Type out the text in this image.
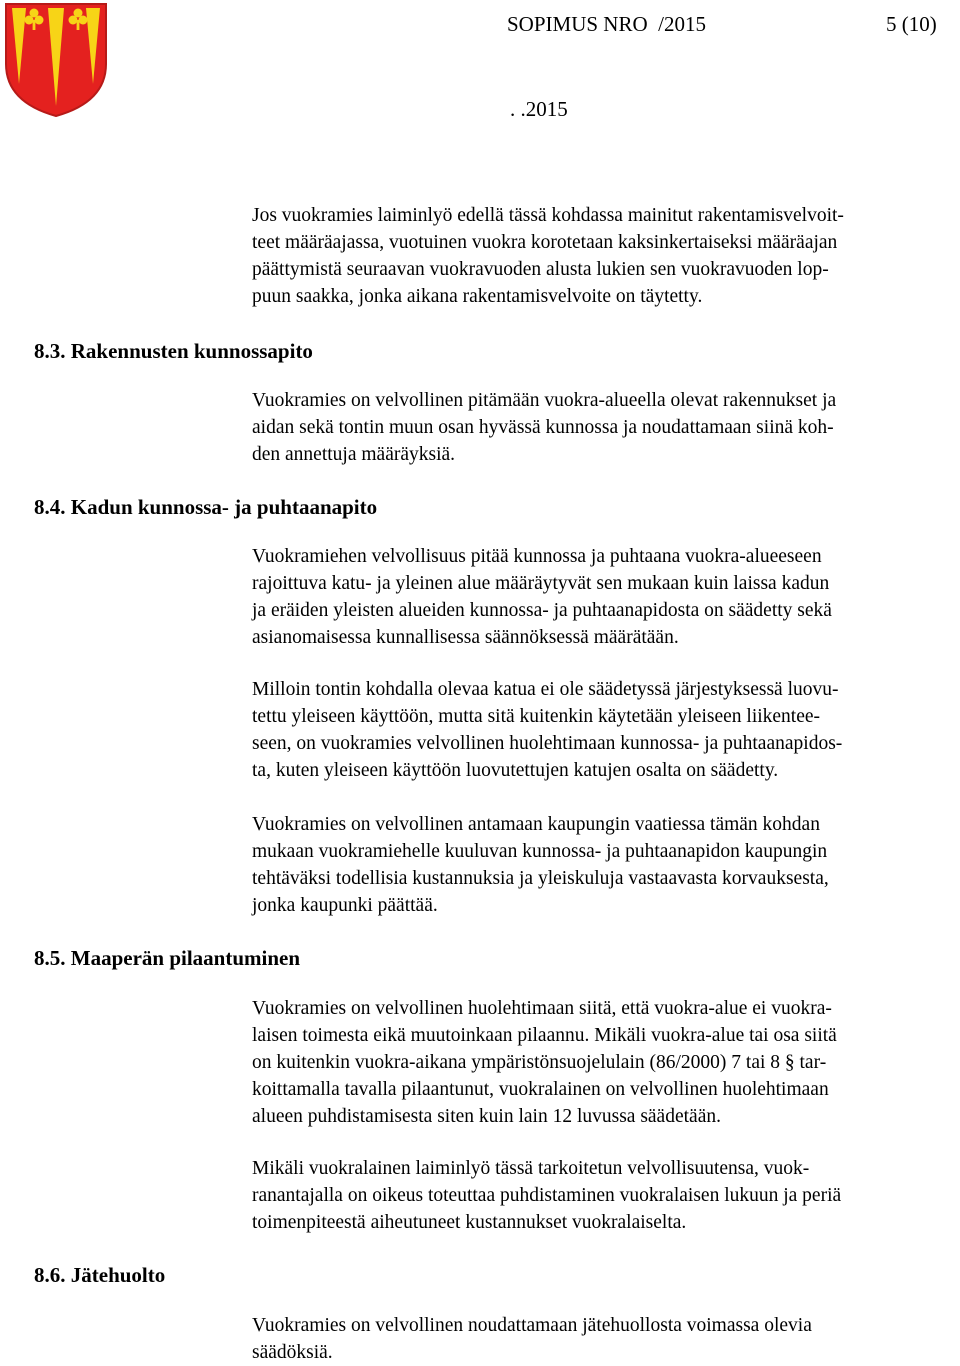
SOPIMUS NRO  /2015	5 (10)
. .2015
Jos vuokramies laiminlyö edellä tässä kohdassa mainitut rakentamisvelvoit-
teet määräajassa, vuotuinen vuokra korotetaan kaksinkertaiseksi määräajan
päättymistä seuraavan vuokravuoden alusta lukien sen vuokravuoden lop-
puun saakka, jonka aikana rakentamisvelvoite on täytetty.
8.3. Rakennusten kunnossapito
Vuokramies on velvollinen pitämään vuokra-alueella olevat rakennukset ja
aidan sekä tontin muun osan hyvässä kunnossa ja noudattamaan siinä koh-
den annettuja määräyksiä.
8.4. Kadun kunnossa- ja puhtaanapito
Vuokramiehen velvollisuus pitää kunnossa ja puhtaana vuokra-alueeseen
rajoittuva katu- ja yleinen alue määräytyvät sen mukaan kuin laissa kadun
ja eräiden yleisten alueiden kunnossa- ja puhtaanapidosta on säädetty sekä
asianomaisessa kunnallisessa säännöksessä määrätään.
Milloin tontin kohdalla olevaa katua ei ole säädetyssä järjestyksessä luovu-
tettu yleiseen käyttöön, mutta sitä kuitenkin käytetään yleiseen liikentee-
seen, on vuokramies velvollinen huolehtimaan kunnossa- ja puhtaanapidos-
ta, kuten yleiseen käyttöön luovutettujen katujen osalta on säädetty.
Vuokramies on velvollinen antamaan kaupungin vaatiessa tämän kohdan
mukaan vuokramiehelle kuuluvan kunnossa- ja puhtaanapidon kaupungin
tehtäväksi todellisia kustannuksia ja yleiskuluja vastaavasta korvauksesta,
jonka kaupunki päättää.
8.5. Maaperän pilaantuminen
Vuokramies on velvollinen huolehtimaan siitä, että vuokra-alue ei vuokra-
laisen toimesta eikä muutoinkaan pilaannu. Mikäli vuokra-alue tai osa siitä
on kuitenkin vuokra-aikana ympäristönsuojelulain (86/2000) 7 tai 8 § tar-
koittamalla tavalla pilaantunut, vuokralainen on velvollinen huolehtimaan
alueen puhdistamisesta siten kuin lain 12 luvussa säädetään.
Mikäli vuokralainen laiminlyö tässä tarkoitetun velvollisuutensa, vuok-
ranantajalla on oikeus toteuttaa puhdistaminen vuokralaisen lukuun ja periä
toimenpiteestä aiheutuneet kustannukset vuokralaiselta.
8.6. Jätehuolto
Vuokramies on velvollinen noudattamaan jätehuollosta voimassa olevia
säädöksiä.
